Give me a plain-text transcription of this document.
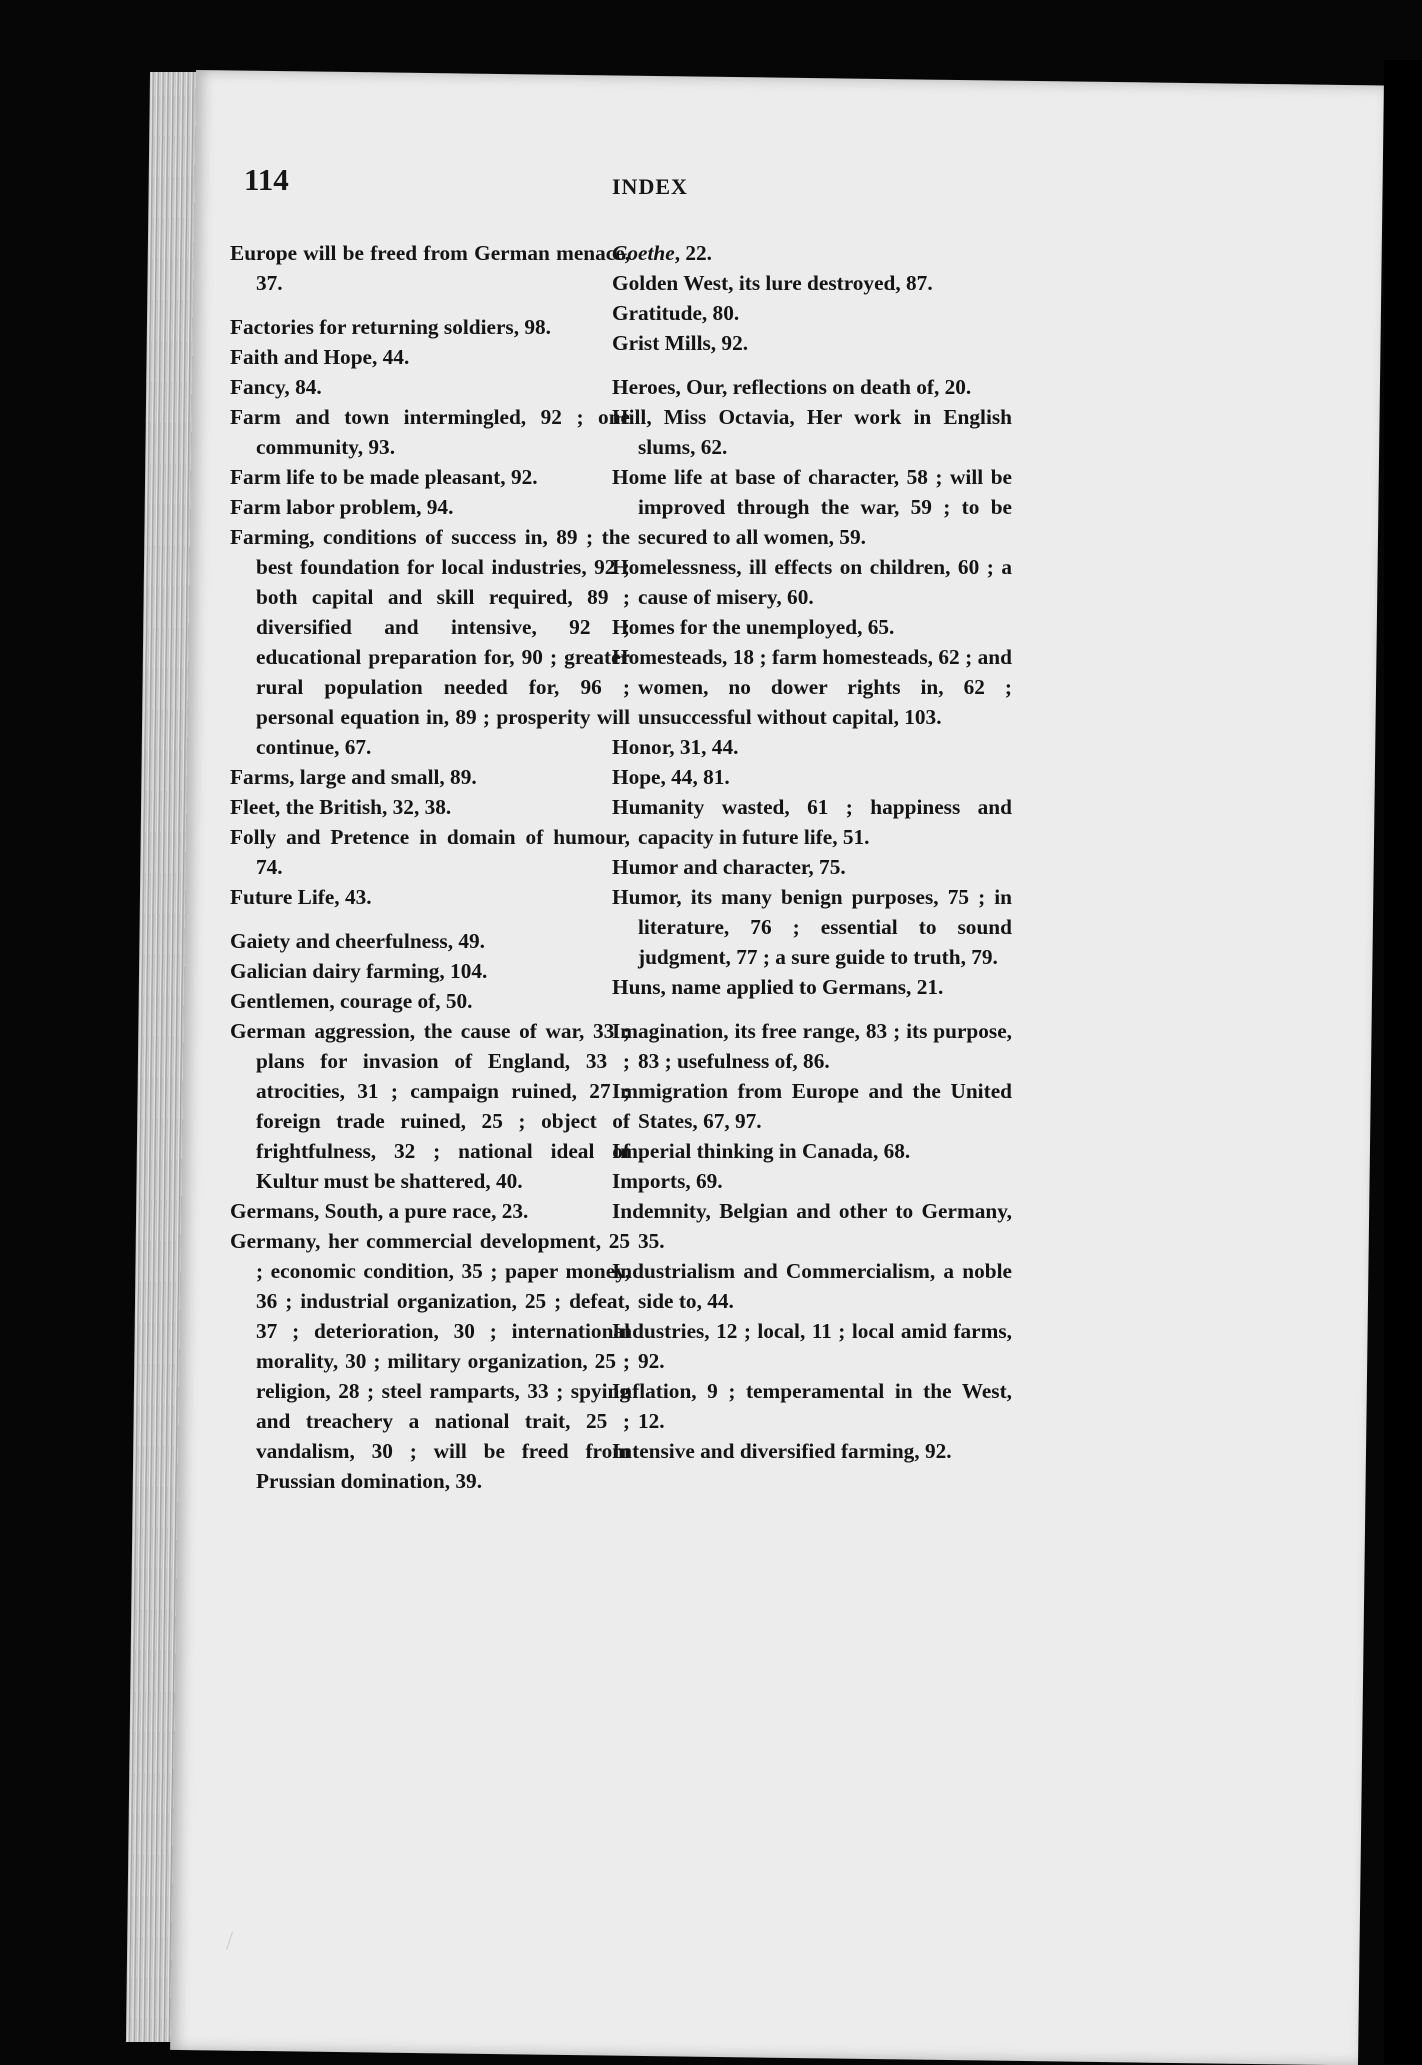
114	INDEX

Europe will be freed from German menace, 37.

Factories for returning soldiers, 98.

Faith and Hope, 44.

Fancy, 84.

Farm and town intermingled, 92 ; one community, 93.

Farm life to be made pleasant, 92.

Farm labor problem, 94.

Farming, conditions of success in, 89 ; the best foundation for local industries, 92 ; both capital and skill required, 89 ; diversified and intensive, 92 ; educational preparation for, 90 ; greater rural population needed for, 96 ; personal equation in, 89 ; prosperity will continue, 67.

Farms, large and small, 89.

Fleet, the British, 32, 38.

Folly and Pretence in domain of humour, 74.

Future Life, 43.

Gaiety and cheerfulness, 49.

Galician dairy farming, 104.

Gentlemen, courage of, 50.

German aggression, the cause of war, 33 ; plans for invasion of England, 33 ; atrocities, 31 ; campaign ruined, 27 ; foreign trade ruined, 25 ; object of frightfulness, 32 ; national ideal of Kultur must be shattered, 40.

Germans, South, a pure race, 23.

Germany, her commercial development, 25 ; economic condition, 35 ; paper money, 36 ; industrial organization, 25 ; defeat, 37 ; deterioration, 30 ; international morality, 30 ; military organization, 25 ; religion, 28 ; steel ramparts, 33 ; spying and treachery a national trait, 25 ; vandalism, 30 ; will be freed from Prussian domination, 39.

Goethe, 22.

Golden West, its lure destroyed, 87.

Gratitude, 80.

Grist Mills, 92.

Heroes, Our, reflections on death of, 20.

Hill, Miss Octavia, Her work in English slums, 62.

Home life at base of character, 58 ; will be improved through the war, 59 ; to be secured to all women, 59.

Homelessness, ill effects on children, 60 ; a cause of misery, 60.

Homes for the unemployed, 65.

Homesteads, 18 ; farm homesteads, 62 ; and women, no dower rights in, 62 ; unsuccessful without capital, 103.

Honor, 31, 44.

Hope, 44, 81.

Humanity wasted, 61 ; happiness and capacity in future life, 51.

Humor and character, 75.

Humor, its many benign purposes, 75 ; in literature, 76 ; essential to sound judgment, 77 ; a sure guide to truth, 79.

Huns, name applied to Germans, 21.

Imagination, its free range, 83 ; its purpose, 83 ; usefulness of, 86.

Immigration from Europe and the United States, 67, 97.

Imperial thinking in Canada, 68.

Imports, 69.

Indemnity, Belgian and other to Germany, 35.

Industrialism and Commercialism, a noble side to, 44.

Industries, 12 ; local, 11 ; local amid farms, 92.

Inflation, 9 ; temperamental in the West, 12.

Intensive and diversified farming, 92.

/
